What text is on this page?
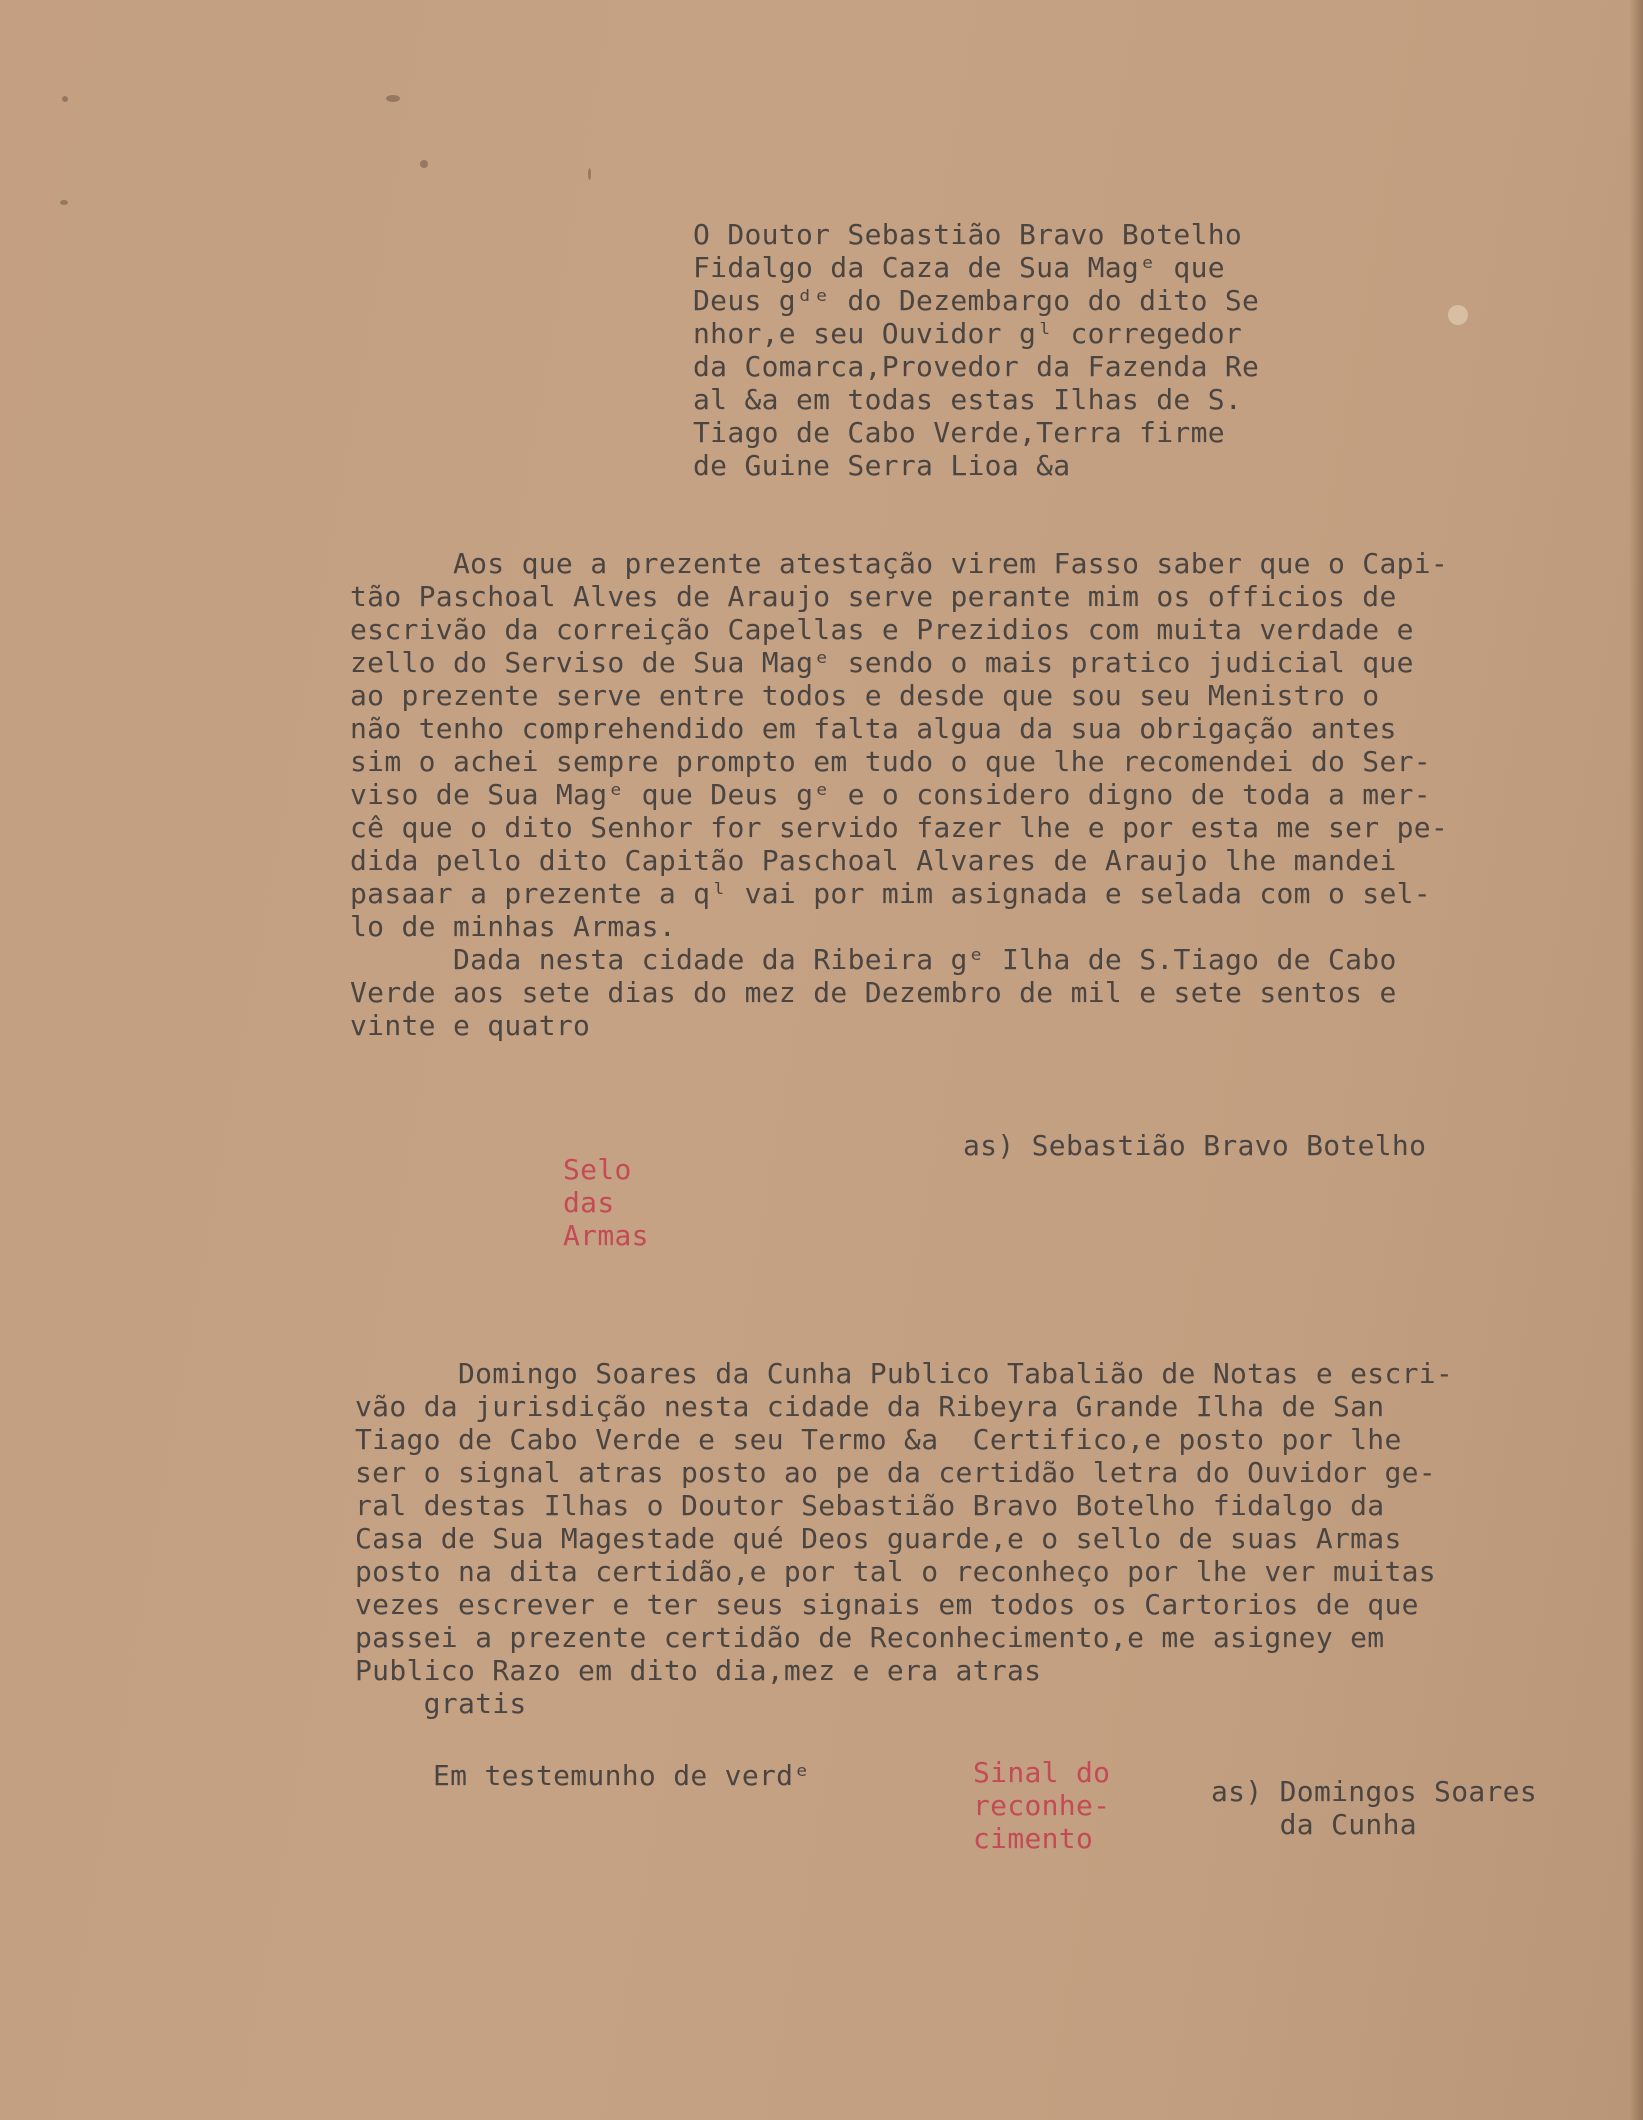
O Doutor Sebastião Bravo Botelho
Fidalgo da Caza de Sua Magᵉ que
Deus gᵈᵉ do Dezembargo do dito Se
nhor,e seu Ouvidor gˡ corregedor
da Comarca,Provedor da Fazenda Re
al &a em todas estas Ilhas de S.
Tiago de Cabo Verde,Terra firme
de Guine Serra Lioa &a
Aos que a prezente atestação virem Fasso saber que o Capi-
tão Paschoal Alves de Araujo serve perante mim os officios de
escrivão da correição Capellas e Prezidios com muita verdade e
zello do Serviso de Sua Magᵉ sendo o mais pratico judicial que
ao prezente serve entre todos e desde que sou seu Menistro o
não tenho comprehendido em falta algua da sua obrigação antes
sim o achei sempre prompto em tudo o que lhe recomendei do Ser-
viso de Sua Magᵉ que Deus gᵉ e o considero digno de toda a mer-
cê que o dito Senhor for servido fazer lhe e por esta me ser pe-
dida pello dito Capitão Paschoal Alvares de Araujo lhe mandei
pasaar a prezente a qˡ vai por mim asignada e selada com o sel-
lo de minhas Armas.
Dada nesta cidade da Ribeira gᵉ Ilha de S.Tiago de Cabo
Verde aos sete dias do mez de Dezembro de mil e sete sentos e
vinte e quatro
as) Sebastião Bravo Botelho
Selo
das
Armas
Domingo Soares da Cunha Publico Tabalião de Notas e escri-
vão da jurisdição nesta cidade da Ribeyra Grande Ilha de San
Tiago de Cabo Verde e seu Termo &a  Certifico,e posto por lhe
ser o signal atras posto ao pe da certidão letra do Ouvidor ge-
ral destas Ilhas o Doutor Sebastião Bravo Botelho fidalgo da
Casa de Sua Magestade qué Deos guarde,e o sello de suas Armas
posto na dita certidão,e por tal o reconheço por lhe ver muitas
vezes escrever e ter seus signais em todos os Cartorios de que
passei a prezente certidão de Reconhecimento,e me asigney em
Publico Razo em dito dia,mez e era atras
gratis
Em testemunho de verdᵉ	Sinal do
reconhe-
cimento
as) Domingos Soares
da Cunha
